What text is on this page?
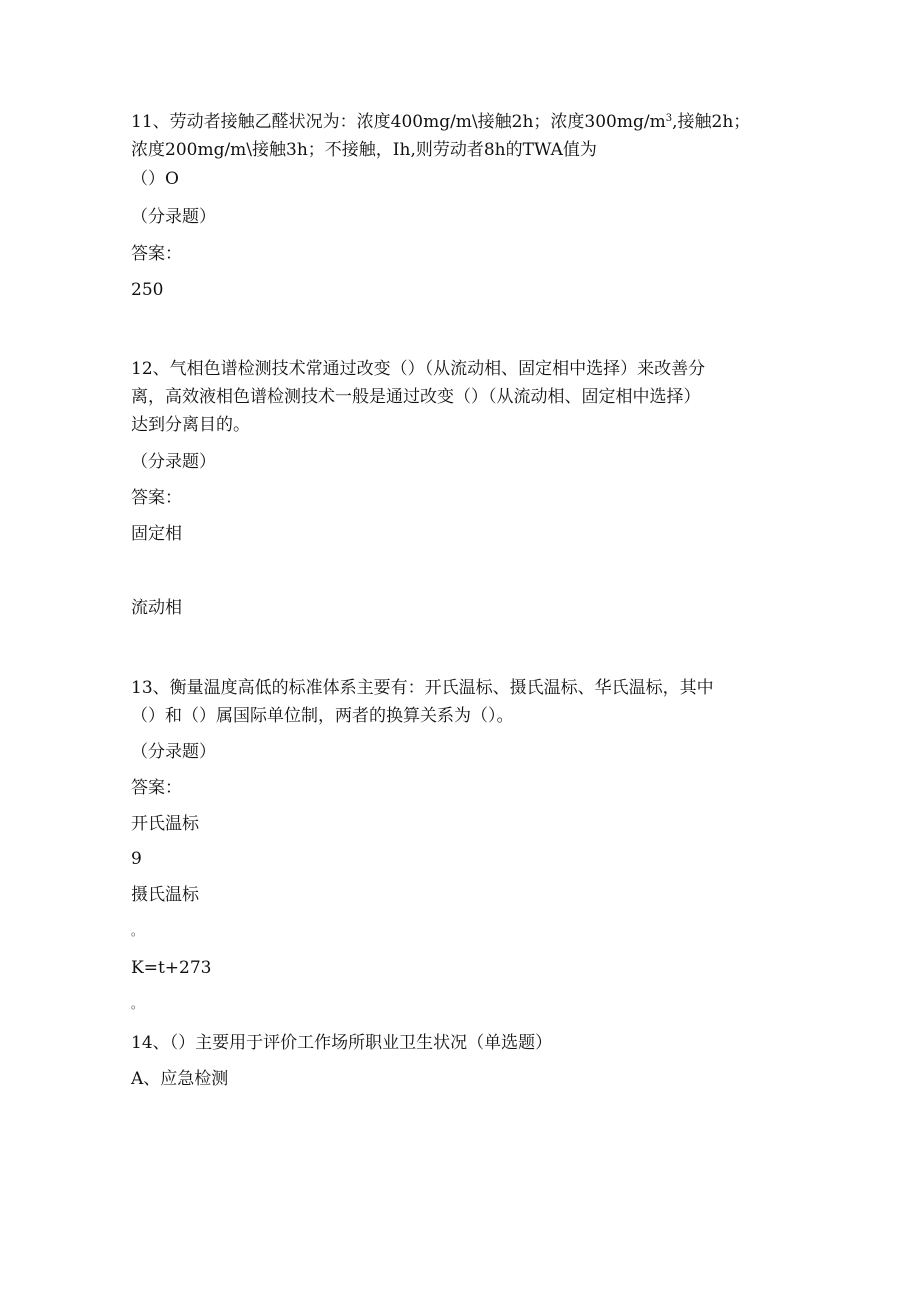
11、劳动者接触乙醛状况为：浓度400mg/m\接触2h；浓度$300mg/m^3$,接触2h；
浓度200mg/m\接触3h；不接触，Ih,则劳动者8h的TWA值为
（）O
（分录题）
答案：
250
12、气相色谱检测技术常通过改变（）（从流动相、固定相中选择）来改善分
离，高效液相色谱检测技术一般是通过改变（）（从流动相、固定相中选择）
达到分离目的。
（分录题）
答案：
固定相
流动相
13、衡量温度高低的标准体系主要有：开氏温标、摄氏温标、华氏温标，其中
（）和（）属国际单位制，两者的换算关系为（）。
（分录题）
答案：
开氏温标
9
摄氏温标
。
K=t+273
。
14、（）主要用于评价工作场所职业卫生状况（单选题）
A、应急检测
